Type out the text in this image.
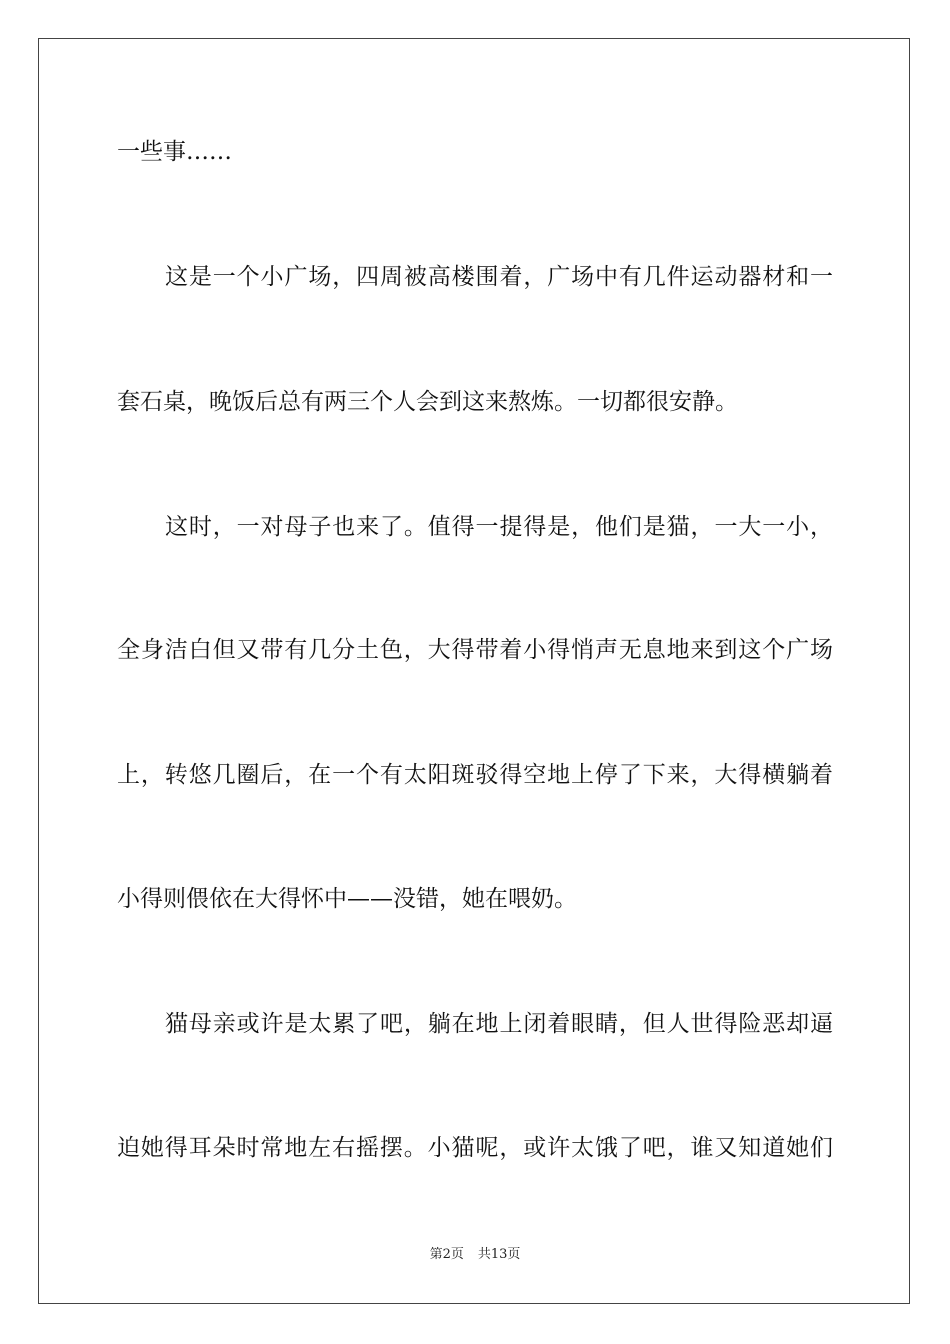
一些事……
这是一个小广场，四周被高楼围着，广场中有几件运动器材和一
套石桌，晚饭后总有两三个人会到这来熬炼。一切都很安静。
这时，一对母子也来了。值得一提得是，他们是猫，一大一小，
全身洁白但又带有几分土色，大得带着小得悄声无息地来到这个广场
上，转悠几圈后，在一个有太阳斑驳得空地上停了下来，大得横躺着
小得则偎依在大得怀中——没错，她在喂奶。
猫母亲或许是太累了吧，躺在地上闭着眼睛，但人世得险恶却逼
迫她得耳朵时常地左右摇摆。小猫呢，或许太饿了吧，谁又知道她们
第2页 共13页
